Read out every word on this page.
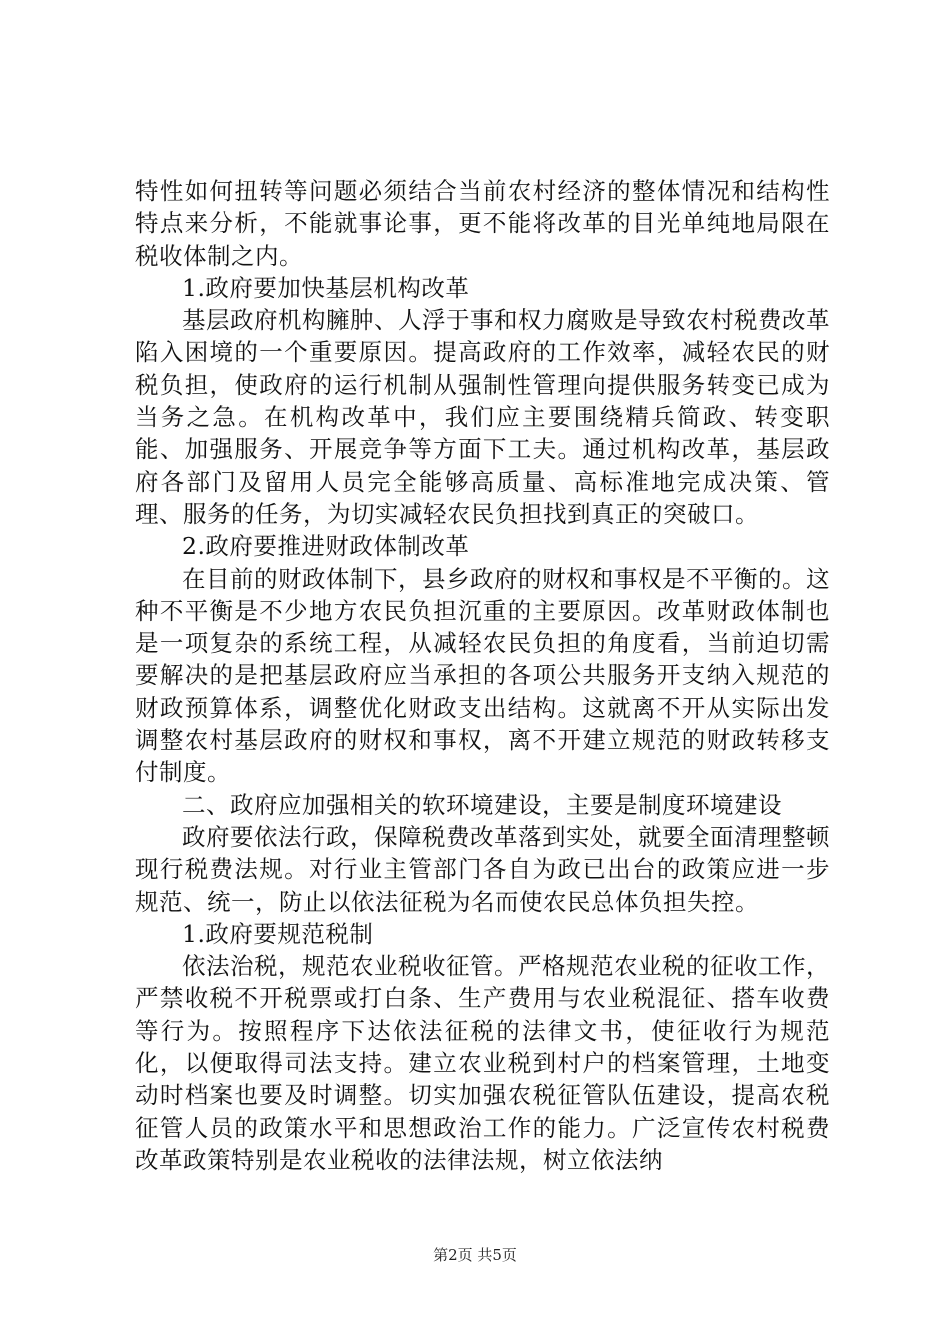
特性如何扭转等问题必须结合当前农村经济的整体情况和结构性特点来分析，不能就事论事，更不能将改革的目光单纯地局限在税收体制之内。

1.政府要加快基层机构改革

基层政府机构臃肿、人浮于事和权力腐败是导致农村税费改革陷入困境的一个重要原因。提高政府的工作效率，减轻农民的财税负担，使政府的运行机制从强制性管理向提供服务转变已成为当务之急。在机构改革中，我们应主要围绕精兵简政、转变职能、加强服务、开展竞争等方面下工夫。通过机构改革，基层政府各部门及留用人员完全能够高质量、高标准地完成决策、管理、服务的任务，为切实减轻农民负担找到真正的突破口。

2.政府要推进财政体制改革

在目前的财政体制下，县乡政府的财权和事权是不平衡的。这种不平衡是不少地方农民负担沉重的主要原因。改革财政体制也是一项复杂的系统工程，从减轻农民负担的角度看，当前迫切需要解决的是把基层政府应当承担的各项公共服务开支纳入规范的财政预算体系，调整优化财政支出结构。这就离不开从实际出发调整农村基层政府的财权和事权，离不开建立规范的财政转移支付制度。

二、政府应加强相关的软环境建设，主要是制度环境建设

政府要依法行政，保障税费改革落到实处，就要全面清理整顿现行税费法规。对行业主管部门各自为政已出台的政策应进一步规范、统一，防止以依法征税为名而使农民总体负担失控。

1.政府要规范税制

依法治税，规范农业税收征管。严格规范农业税的征收工作，严禁收税不开税票或打白条、生产费用与农业税混征、搭车收费等行为。按照程序下达依法征税的法律文书，使征收行为规范化，以便取得司法支持。建立农业税到村户的档案管理，土地变动时档案也要及时调整。切实加强农税征管队伍建设，提高农税征管人员的政策水平和思想政治工作的能力。广泛宣传农村税费改革政策特别是农业税收的法律法规，树立依法纳

第2页 共5页
